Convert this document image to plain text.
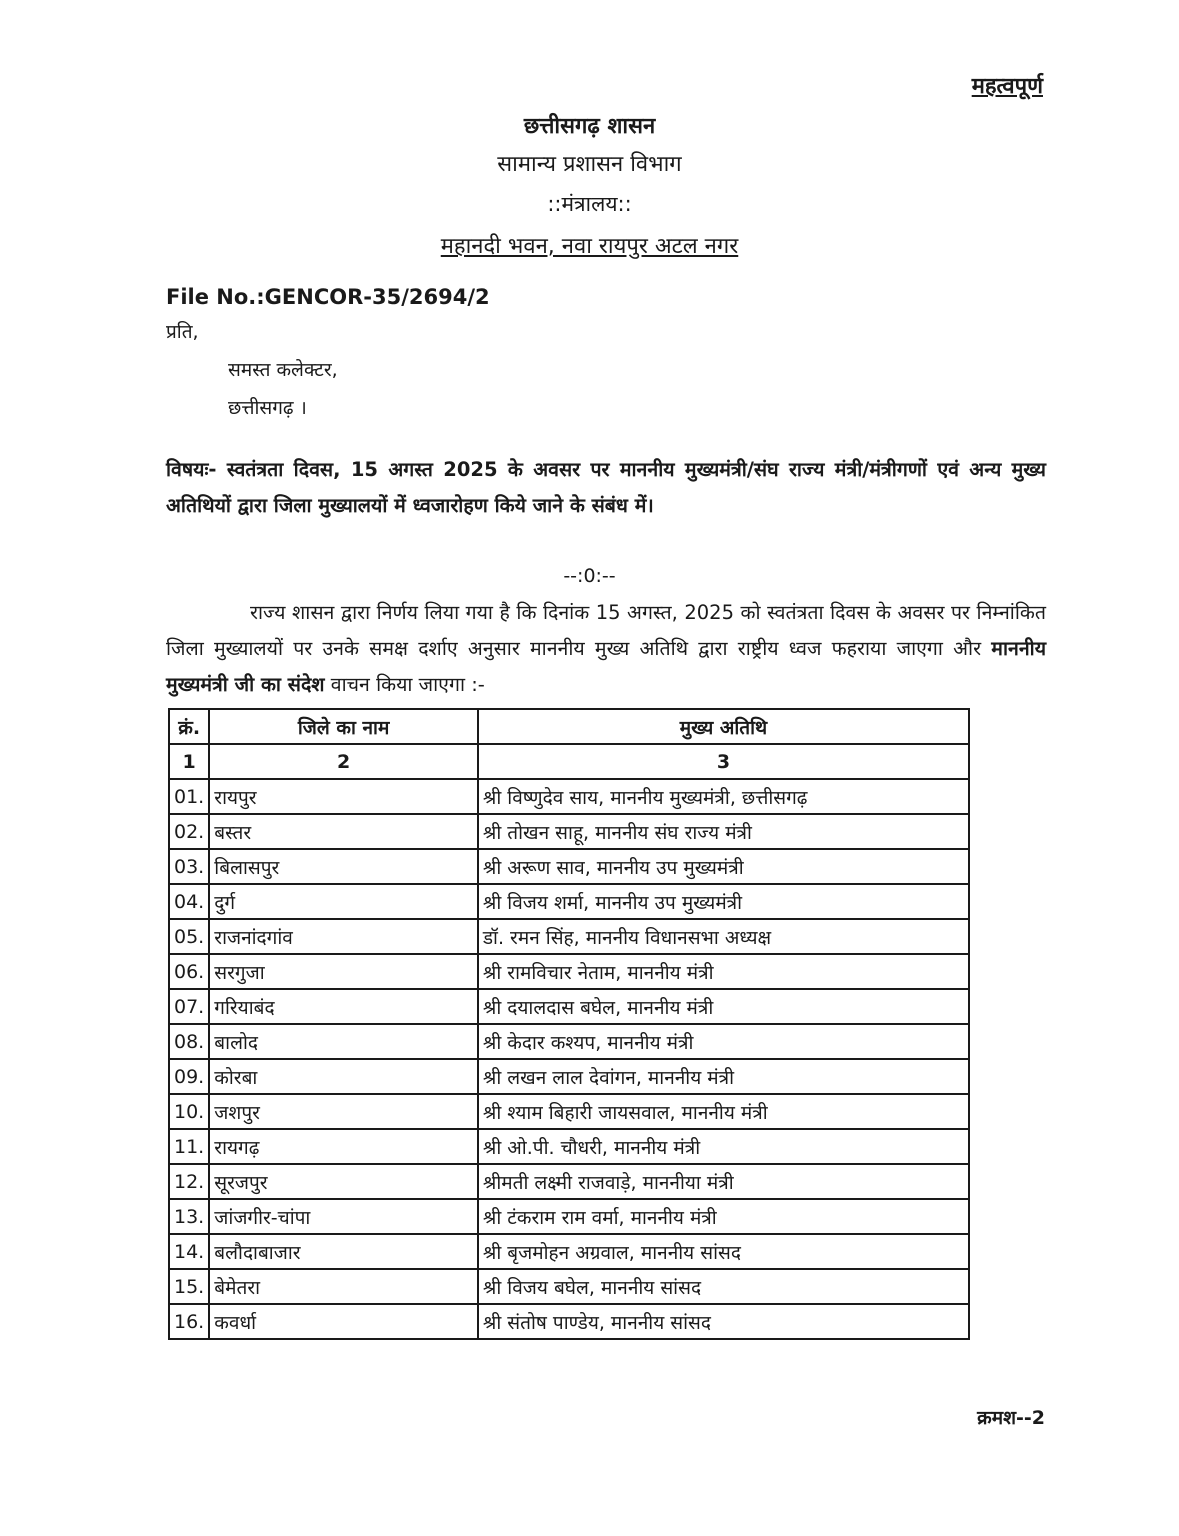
महत्वपूर्ण
छत्तीसगढ़ शासन
सामान्य प्रशासन विभाग
::मंत्रालय::
महानदी भवन, नवा रायपुर अटल नगर
File No.:GENCOR-35/2694/2
प्रति,
समस्त कलेक्टर,
छत्तीसगढ़ ।
विषयः- स्वतंत्रता दिवस, 15 अगस्त 2025 के अवसर पर माननीय मुख्यमंत्री/संघ राज्य मंत्री/मंत्रीगणों एवं अन्य मुख्य अतिथियों द्वारा जिला मुख्यालयों में ध्वजारोहण किये जाने के संबंध में।
--:0:--
राज्य शासन द्वारा निर्णय लिया गया है कि दिनांक 15 अगस्त, 2025 को स्वतंत्रता दिवस के अवसर पर निम्नांकित जिला मुख्यालयों पर उनके समक्ष दर्शाए अनुसार माननीय मुख्य अतिथि द्वारा राष्ट्रीय ध्वज फहराया जाएगा और माननीय मुख्यमंत्री जी का संदेश वाचन किया जाएगा :-
क्रं.	जिले का नाम	मुख्य अतिथि
1	2	3
01.	रायपुर	श्री विष्णुदेव साय, माननीय मुख्यमंत्री, छत्तीसगढ़
02.	बस्तर	श्री तोखन साहू, माननीय संघ राज्य मंत्री
03.	बिलासपुर	श्री अरूण साव, माननीय उप मुख्यमंत्री
04.	दुर्ग	श्री विजय शर्मा, माननीय उप मुख्यमंत्री
05.	राजनांदगांव	डॉ. रमन सिंह, माननीय विधानसभा अध्यक्ष
06.	सरगुजा	श्री रामविचार नेताम, माननीय मंत्री
07.	गरियाबंद	श्री दयालदास बघेल, माननीय मंत्री
08.	बालोद	श्री केदार कश्यप, माननीय मंत्री
09.	कोरबा	श्री लखन लाल देवांगन, माननीय मंत्री
10.	जशपुर	श्री श्याम बिहारी जायसवाल, माननीय मंत्री
11.	रायगढ़	श्री ओ.पी. चौधरी, माननीय मंत्री
12.	सूरजपुर	श्रीमती लक्ष्मी राजवाड़े, माननीया मंत्री
13.	जांजगीर-चांपा	श्री टंकराम राम वर्मा, माननीय मंत्री
14.	बलौदाबाजार	श्री बृजमोहन अग्रवाल, माननीय सांसद
15.	बेमेतरा	श्री विजय बघेल, माननीय सांसद
16.	कवर्धा	श्री संतोष पाण्डेय, माननीय सांसद
क्रमश--2
